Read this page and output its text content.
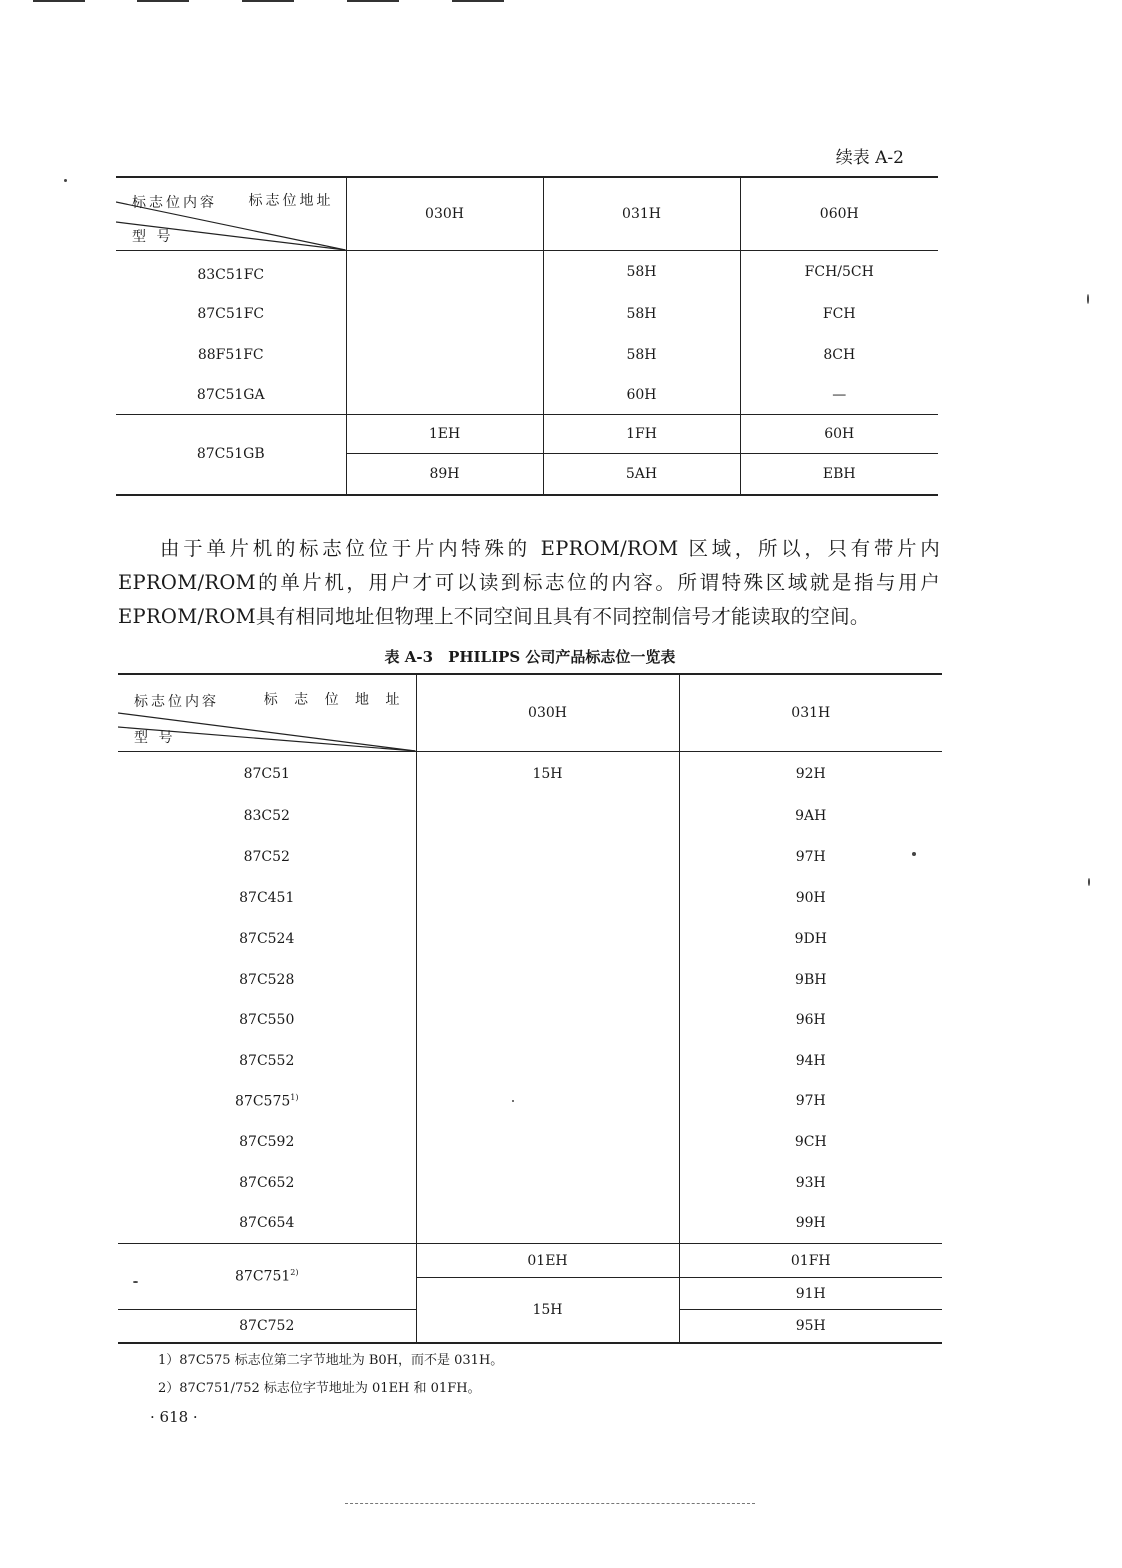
续表 A-2
标志位地址
标志位内容
型 号	030H	031H	060H
83C51FC		58H	FCH/5CH
87C51FC		58H	FCH
88F51FC		58H	8CH
87C51GA		60H	—
87C51GB	1EH	1FH	60H
	89H	5AH	EBH

由于单片机的标志位位于片内特殊的 EPROM/ROM 区域，所以，只有带片内EPROM/ROM的单片机，用户才可以读到标志位的内容。所谓特殊区域就是指与用户EPROM/ROM具有相同地址但物理上不同空间且具有不同控制信号才能读取的空间。

表 A-3　PHILIPS 公司产品标志位一览表
标 志 位 地 址
标志位内容
型 号	030H	031H
87C51	15H	92H
83C52		9AH
87C52		97H
87C451		90H
87C524		9DH
87C528		9BH
87C550		96H
87C552		94H
87C575$^{1)}$		97H
87C592		9CH
87C652		93H
87C654		99H
87C751$^{2)}$	01EH	01FH
	15H	91H
87C752		95H
1）87C575 标志位第二字节地址为 B0H，而不是 031H。
2）87C751/752 标志位字节地址为 01EH 和 01FH。
· 618 ·
